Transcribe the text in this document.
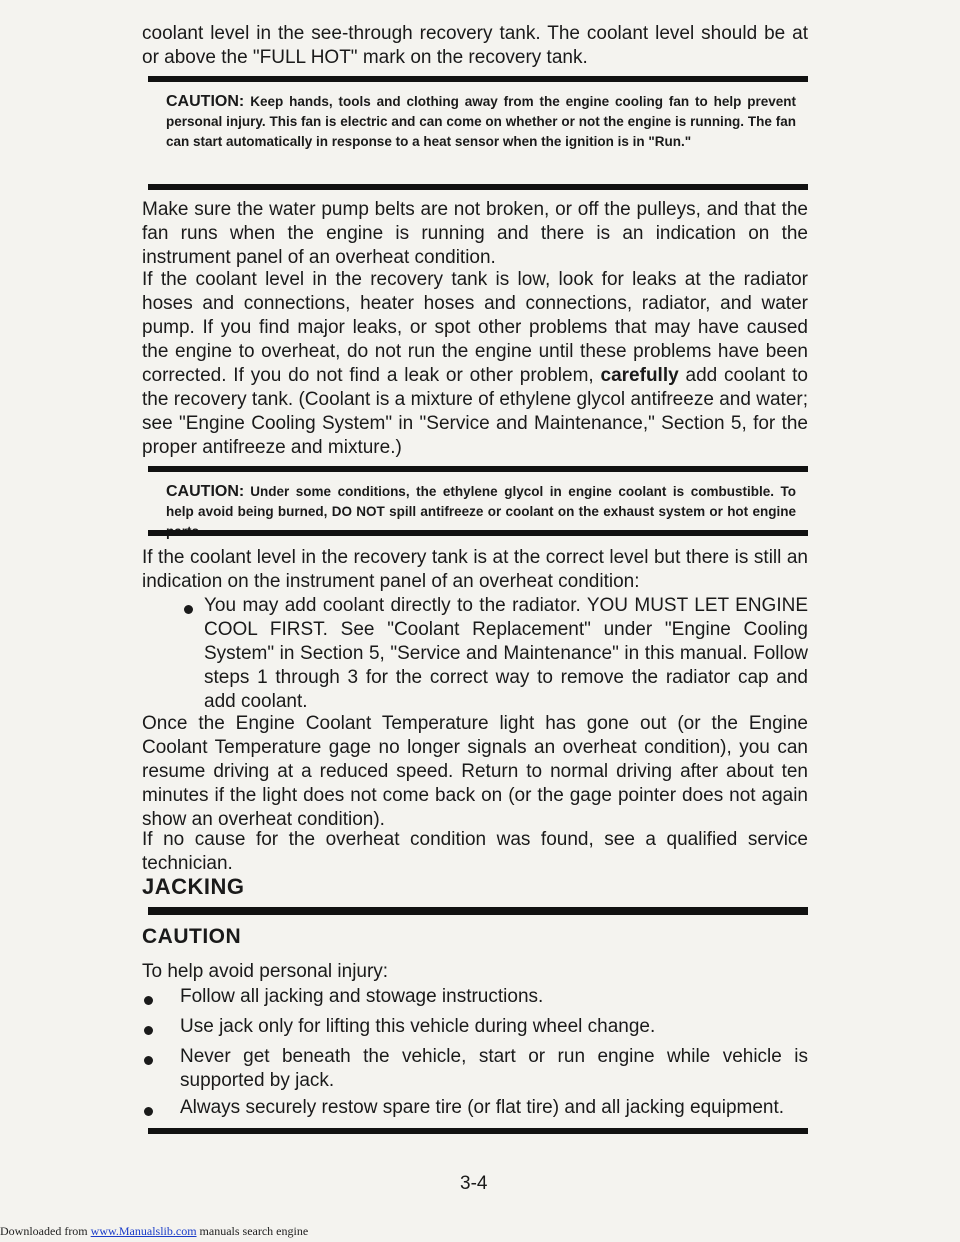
coolant level in the see-through recovery tank. The coolant level should be at or above the "FULL HOT" mark on the recovery tank.
CAUTION: Keep hands, tools and clothing away from the engine cooling fan to help prevent personal injury. This fan is electric and can come on whether or not the engine is running. The fan can start automatically in response to a heat sensor when the ignition is in "Run."
Make sure the water pump belts are not broken, or off the pulleys, and that the fan runs when the engine is running and there is an indication on the instrument panel of an overheat condition.
If the coolant level in the recovery tank is low, look for leaks at the radiator hoses and connections, heater hoses and connections, radiator, and water pump. If you find major leaks, or spot other problems that may have caused the engine to overheat, do not run the engine until these problems have been corrected. If you do not find a leak or other problem, carefully add coolant to the recovery tank. (Coolant is a mixture of ethylene glycol antifreeze and water; see "Engine Cooling System" in "Service and Maintenance," Section 5, for the proper antifreeze and mixture.)
CAUTION: Under some conditions, the ethylene glycol in engine coolant is combustible. To help avoid being burned, DO NOT spill antifreeze or coolant on the exhaust system or hot engine
If the coolant level in the recovery tank is at the correct level but there is still an indication on the instrument panel of an overheat condition:
You may add coolant directly to the radiator. YOU MUST LET ENGINE COOL FIRST. See "Coolant Replacement" under "Engine Cooling System" in Section 5, "Service and Maintenance" in this manual. Follow steps 1 through 3 for the correct way to remove the radiator cap and add coolant.
Once the Engine Coolant Temperature light has gone out (or the Engine Coolant Temperature gage no longer signals an overheat condition), you can resume driving at a reduced speed. Return to normal driving after about ten minutes if the light does not come back on (or the gage pointer does not again show an overheat condition).
If no cause for the overheat condition was found, see a qualified service technician.
JACKING
CAUTION
To help avoid personal injury:
Follow all jacking and stowage instructions.
Use jack only for lifting this vehicle during wheel change.
Never get beneath the vehicle, start or run engine while vehicle is supported by jack.
Always securely restow spare tire (or flat tire) and all jacking equipment.
3-4
Downloaded from www.Manualslib.com manuals search engine
